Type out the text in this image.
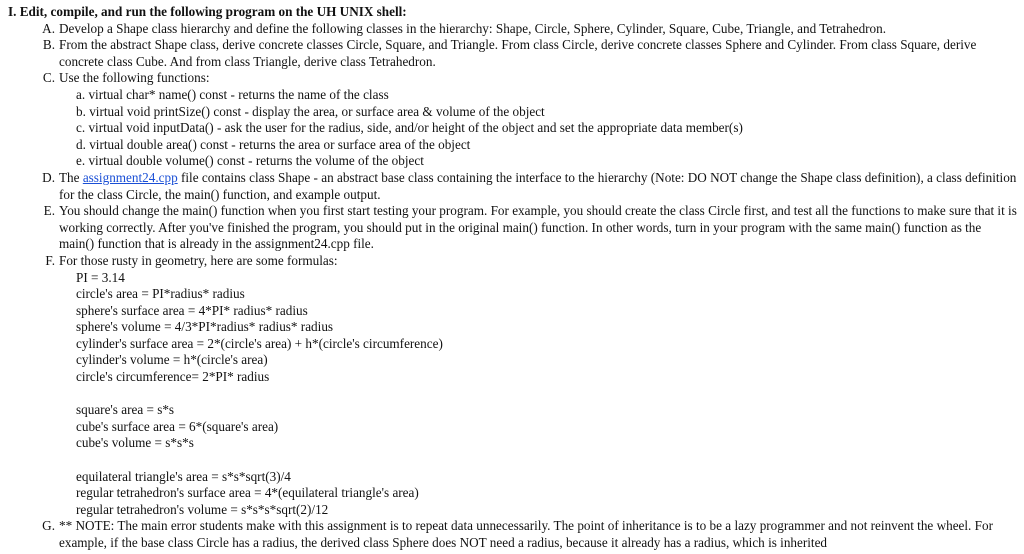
I. Edit, compile, and run the following program on the UH UNIX shell:
A. Develop a Shape class hierarchy and define the following classes in the hierarchy: Shape, Circle, Sphere, Cylinder, Square, Cube, Triangle, and Tetrahedron.
B. From the abstract Shape class, derive concrete classes Circle, Square, and Triangle. From class Circle, derive concrete classes Sphere and Cylinder. From class Square, derive concrete class Cube. And from class Triangle, derive class Tetrahedron.
C. Use the following functions:
a. virtual char* name() const - returns the name of the class
b. virtual void printSize() const - display the area, or surface area & volume of the object
c. virtual void inputData() - ask the user for the radius, side, and/or height of the object and set the appropriate data member(s)
d. virtual double area() const - returns the area or surface area of the object
e. virtual double volume() const - returns the volume of the object
D. The assignment24.cpp file contains class Shape - an abstract base class containing the interface to the hierarchy (Note: DO NOT change the Shape class definition), a class definition for the class Circle, the main() function, and example output.
E. You should change the main() function when you first start testing your program. For example, you should create the class Circle first, and test all the functions to make sure that it is working correctly. After you've finished the program, you should put in the original main() function. In other words, turn in your program with the same main() function as the main() function that is already in the assignment24.cpp file.
F. For those rusty in geometry, here are some formulas:
PI = 3.14
circle's area = PI*radius* radius
sphere's surface area = 4*PI* radius* radius
sphere's volume = 4/3*PI*radius* radius* radius
cylinder's surface area = 2*(circle's area) + h*(circle's circumference)
cylinder's volume = h*(circle's area)
circle's circumference= 2*PI* radius
square's area = s*s
cube's surface area = 6*(square's area)
cube's volume = s*s*s
equilateral triangle's area = s*s*sqrt(3)/4
regular tetrahedron's surface area = 4*(equilateral triangle's area)
regular tetrahedron's volume = s*s*s*sqrt(2)/12
G. ** NOTE: The main error students make with this assignment is to repeat data unnecessarily. The point of inheritance is to be a lazy programmer and not reinvent the wheel. For example, if the base class Circle has a radius, the derived class Sphere does NOT need a radius, because it already has a radius, which is inherited
